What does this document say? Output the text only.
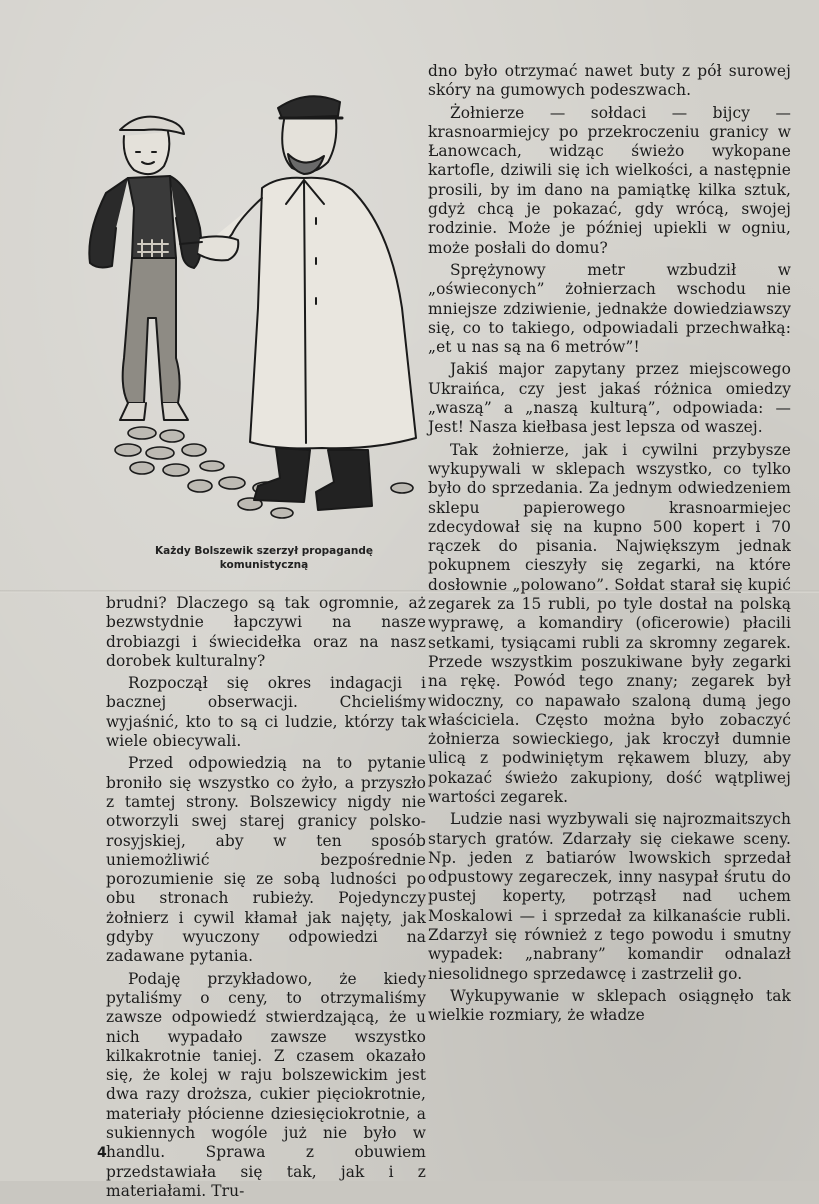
Każdy Bolszewik szerzył propagandę
komunistyczną

brudni? Dlaczego są tak ogromnie, aż bezwstydnie łapczywi na nasze drobiazgi i świecidełka oraz na nasz dorobek kulturalny?

Rozpoczął się okres indagacji i bacznej obserwacji. Chcieliśmy wyjaśnić, kto to są ci ludzie, którzy tak wiele obiecywali.

Przed odpowiedzią na to pytanie broniło się wszystko co żyło, a przyszło z tamtej strony. Bolszewicy nigdy nie otworzyli swej starej granicy polsko-rosyjskiej, aby w ten sposób uniemożliwić bezpośrednie porozumienie się ze sobą ludności po obu stronach rubieży. Pojedynczy żołnierz i cywil kłamał jak najęty, jak gdyby wyuczony odpowiedzi na zadawane pytania.

Podaję przykładowo, że kiedy pytaliśmy o ceny, to otrzymaliśmy zawsze odpowiedź stwierdzającą, że u nich wypadało zawsze wszystko kilkakrotnie taniej. Z czasem okazało się, że kolej w raju bolszewickim jest dwa razy droższa, cukier pięciokrotnie, materiały płócienne dziesięciokrotnie, a sukiennych wogóle już nie było w handlu. Sprawa z obuwiem przedstawiała się tak, jak i z materiałami. Tru-

dno było otrzymać nawet buty z pół surowej skóry na gumowych podeszwach.

Żołnierze — sołdaci — bijcy — krasnoarmiejcy po przekroczeniu granicy w Łanowcach, widząc świeżo wykopane kartofle, dziwili się ich wielkości, a następnie prosili, by im dano na pamiątkę kilka sztuk, gdyż chcą je pokazać, gdy wrócą, swojej rodzinie. Może je później upiekli w ogniu, może posłali do domu?

Sprężynowy metr wzbudził w „oświeconych” żołnierzach wschodu nie mniejsze zdziwienie, jednakże dowiedziawszy się, co to takiego, odpowiadali przechwałką: „et u nas są na 6 metrów”!

Jakiś major zapytany przez miejscowego Ukraińca, czy jest jakaś różnica omiedzy „waszą” a „naszą kulturą”, odpowiada: — Jest! Nasza kiełbasa jest lepsza od waszej.

Tak żołnierze, jak i cywilni przybysze wykupywali w sklepach wszystko, co tylko było do sprzedania. Za jednym odwiedzeniem sklepu papierowego krasnoarmiejec zdecydował się na kupno 500 kopert i 70 rączek do pisania. Największym jednak pokupnem cieszyły się zegarki, na które dosłownie „polowano”. Sołdat starał się kupić zegarek za 15 rubli, po tyle dostał na polską wyprawę, a komandiry (oficerowie) płacili setkami, tysiącami rubli za skromny zegarek. Przede wszystkim poszukiwane były zegarki na rękę. Powód tego znany; zegarek był widoczny, co napawało szaloną dumą jego właściciela. Często można było zobaczyć żołnierza sowieckiego, jak kroczył dumnie ulicą z podwiniętym rękawem bluzy, aby pokazać świeżo zakupiony, dość wątpliwej wartości zegarek.

Ludzie nasi wyzbywali się najrozmaitszych starych gratów. Zdarzały się ciekawe sceny. Np. jeden z batiarów lwowskich sprzedał odpustowy zegareczek, inny nasypał śrutu do pustej koperty, potrząsł nad uchem Moskalowi — i sprzedał za kilkanaście rubli. Zdarzył się również z tego powodu i smutny wypadek: „nabrany” komandir odnalazł niesolidnego sprzedawcę i zastrzelił go.

Wykupywanie w sklepach osiągnęło tak wielkie rozmiary, że władze

4
